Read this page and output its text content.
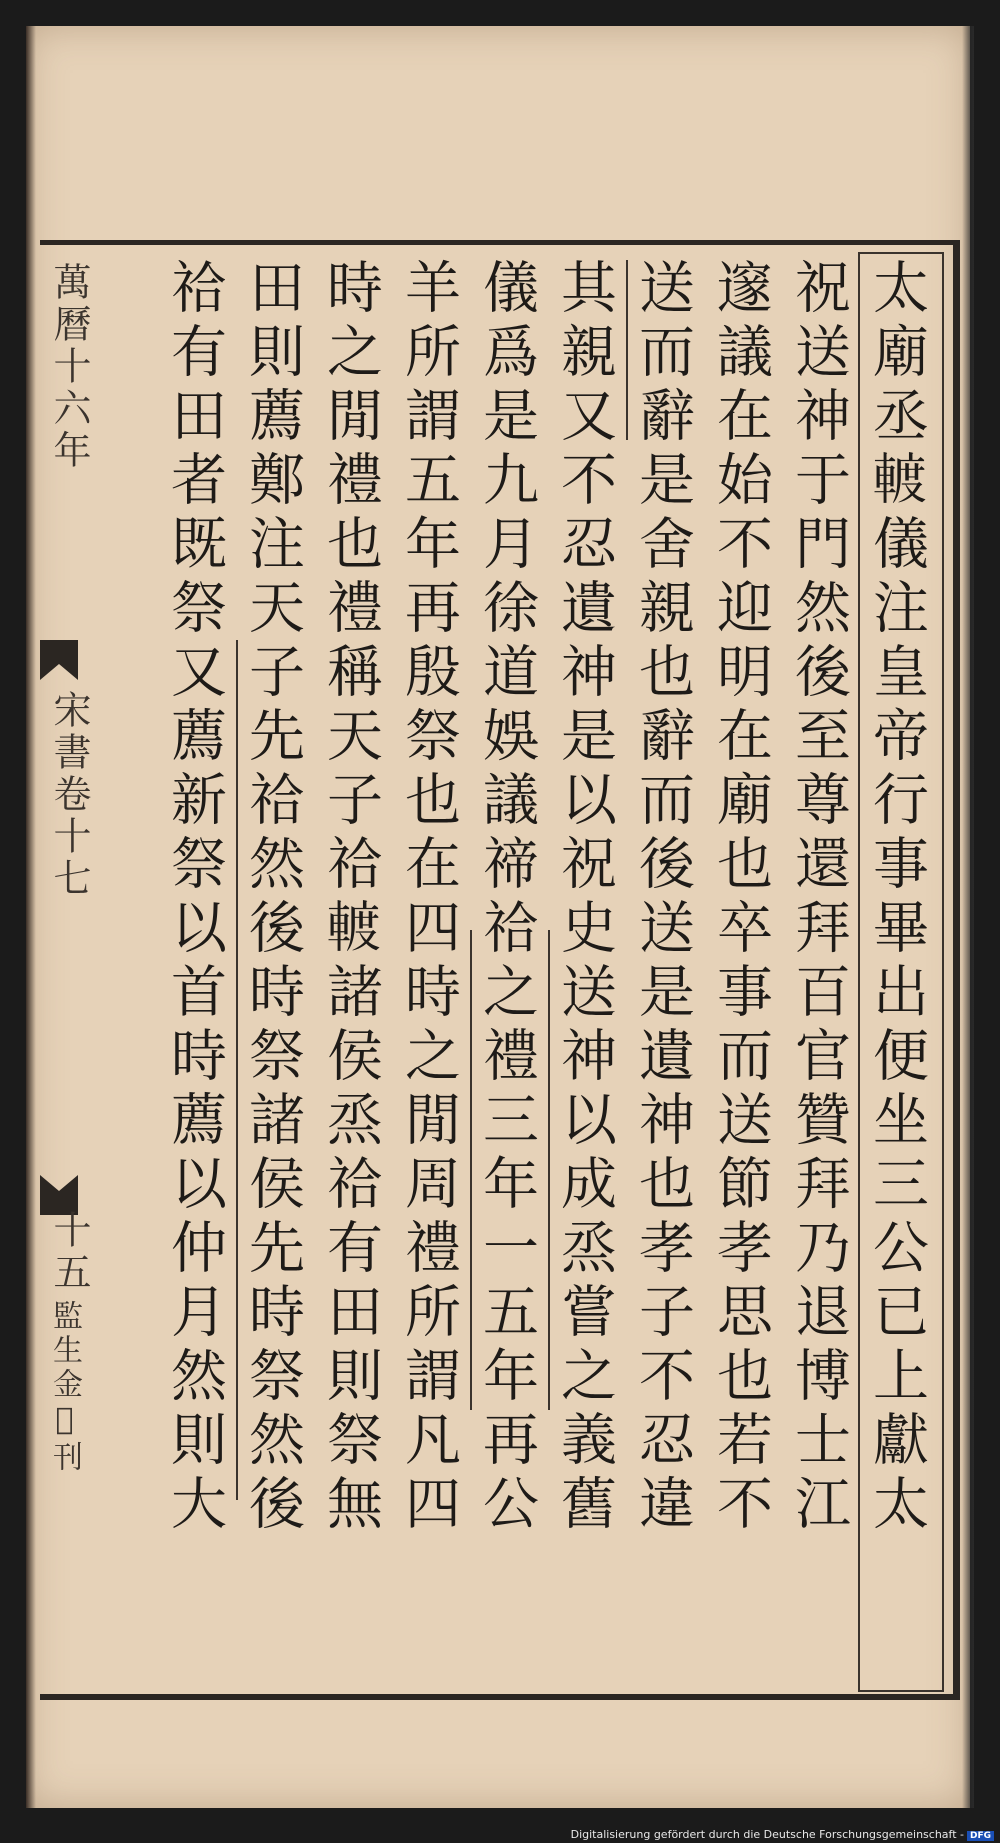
太廟丞𨍏儀注皇帝行事畢出便坐三公已上獻太
祝送神于門然後至尊還拜百官贊拜乃退博士江
邃議在始不迎明在廟也卒事而送節孝思也若不
送而辭是舍親也辭而後送是遺神也孝子不忍違
其親又不忍遺神是以祝史送神以成烝嘗之義舊
儀爲是九月徐道娛議禘祫之禮三年一五年再公
羊所謂五年再殷祭也在四時之閒周禮所謂凡四
時之閒禮也禮稱天子祫𨍏諸侯烝祫有田則祭無
田則薦鄭注天子先祫然後時祭諸侯先時祭然後
祫有田者既祭又薦新祭以首時薦以仲月然則大
萬曆十六年
宋書卷十七
十五
監生金𫉈刊
Digitalisierung gefördert durch die Deutsche Forschungsgemeinschaft - DFG
